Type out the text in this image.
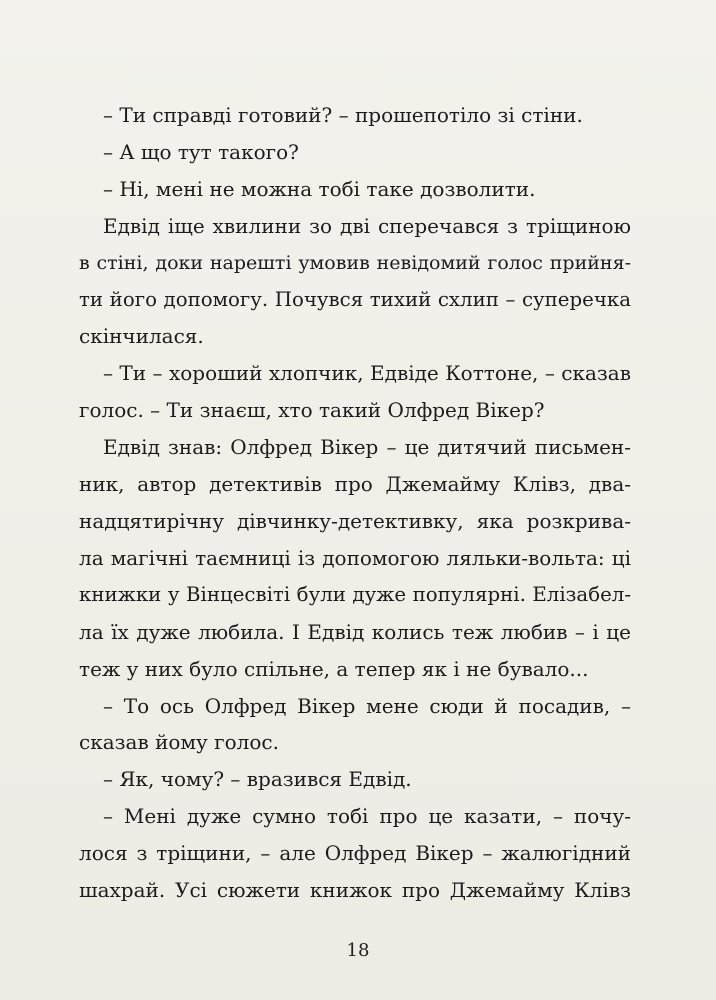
– Ти справді готовий? – прошепотіло зі стіни.
– А що тут такого?
– Ні, мені не можна тобі таке дозволити.
Едвід іще хвилини зо дві сперечався з тріщиною
в стіні, доки нарешті умовив невідомий голос прийня-
ти його допомогу. Почувся тихий схлип – суперечка
скінчилася.
– Ти – хороший хлопчик, Едвіде Коттоне, – сказав
голос. – Ти знаєш, хто такий Олфред Вікер?
Едвід знав: Олфред Вікер – це дитячий письмен-
ник, автор детективів про Джемайму Клівз, два-
надцятирічну дівчинку-детективку, яка розкрива-
ла магічні таємниці із допомогою ляльки-вольта: ці
книжки у Вінцесвіті були дуже популярні. Елізабел-
ла їх дуже любила. І Едвід колись теж любив – і це
теж у них було спільне, а тепер як і не бувало...
– То ось Олфред Вікер мене сюди й посадив, –
сказав йому голос.
– Як, чому? – вразився Едвід.
– Мені дуже сумно тобі про це казати, – почу-
лося з тріщини, – але Олфред Вікер – жалюгідний
шахрай. Усі сюжети книжок про Джемайму Клівз
18
